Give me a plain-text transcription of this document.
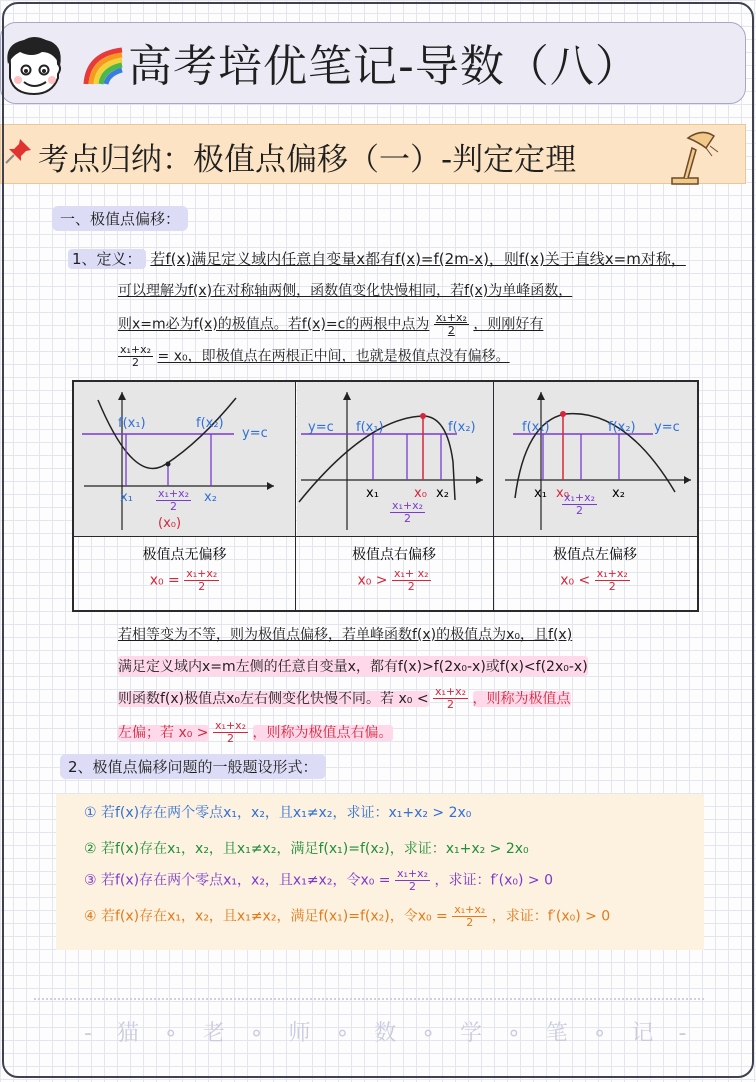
高考培优笔记-导数（八）
考点归纳：极值点偏移（一）-判定定理
一、极值点偏移：
1、定义： 若f(x)满足定义域内任意自变量x都有f(x)=f(2m-x)，则f(x)关于直线x=m对称，
可以理解为f(x)在对称轴两侧，函数值变化快慢相同，若f(x)为单峰函数，
则x=m必为f(x)的极值点。若f(x)=c的两根中点为 $\frac{\text{x₁+x₂}}{2}$ ，则刚好有
$\frac{\text{x₁+x₂}}{2} = x_0$，即极值点在两根正中间，也就是极值点没有偏移。
f(x₁)	f(x₂)
y=c
x₁	x₂
$\frac{\text{x₁+x₂}}{2}$
(x₀)
y=c f(x₁)	f(x₂)
x₁	x₀ x₂
$\frac{\text{x₁+x₂}}{2}$
f(x₁)	f(x₂) y=c
x₁ x₀	x₂
$\frac{\text{x₁+x₂}}{2}$
极值点无偏移
$x_0 = \frac{\text{x₁+x₂}}{2}$
极值点右偏移
$x_0 > \frac{\text{x₁+ x₂}}{2}$
极值点左偏移
$x_0 < \frac{\text{x₁+x₂}}{2}$
若相等变为不等，则为极值点偏移，若单峰函数f(x)的极值点为x₀，且f(x)
满足定义域内x=m左侧的任意自变量x，都有f(x)>f(2x₀-x)或f(x)<f(2x₀-x)
则函数f(x)极值点x₀左右侧变化快慢不同。若 $x_0 < \frac{\text{x₁+x₂}}{2}$ ，则称为极值点
左偏；若 $x_0 > \frac{\text{x₁+x₂}}{2}$ ，则称为极值点右偏。
2、极值点偏移问题的一般题设形式：
① 若f(x)存在两个零点x₁，x₂，且x₁≠x₂，求证：x₁+x₂ > 2x₀
② 若f(x)存在x₁，x₂，且x₁≠x₂，满足f(x₁)=f(x₂)，求证：x₁+x₂ > 2x₀
③ 若f(x)存在两个零点x₁，x₂，且x₁≠x₂，令$x_0 = \frac{\text{x₁+x₂}}{2}$ ，求证：f′(x₀) > 0
④ 若f(x)存在x₁，x₂，且x₁≠x₂，满足f(x₁)=f(x₂)，令$x_0 = \frac{\text{x₁+x₂}}{2}$ ，求证：f′(x₀) > 0
- 猫 ∘ 老 ∘ 师 ∘ 数 ∘ 学 ∘ 笔 ∘ 记 -
